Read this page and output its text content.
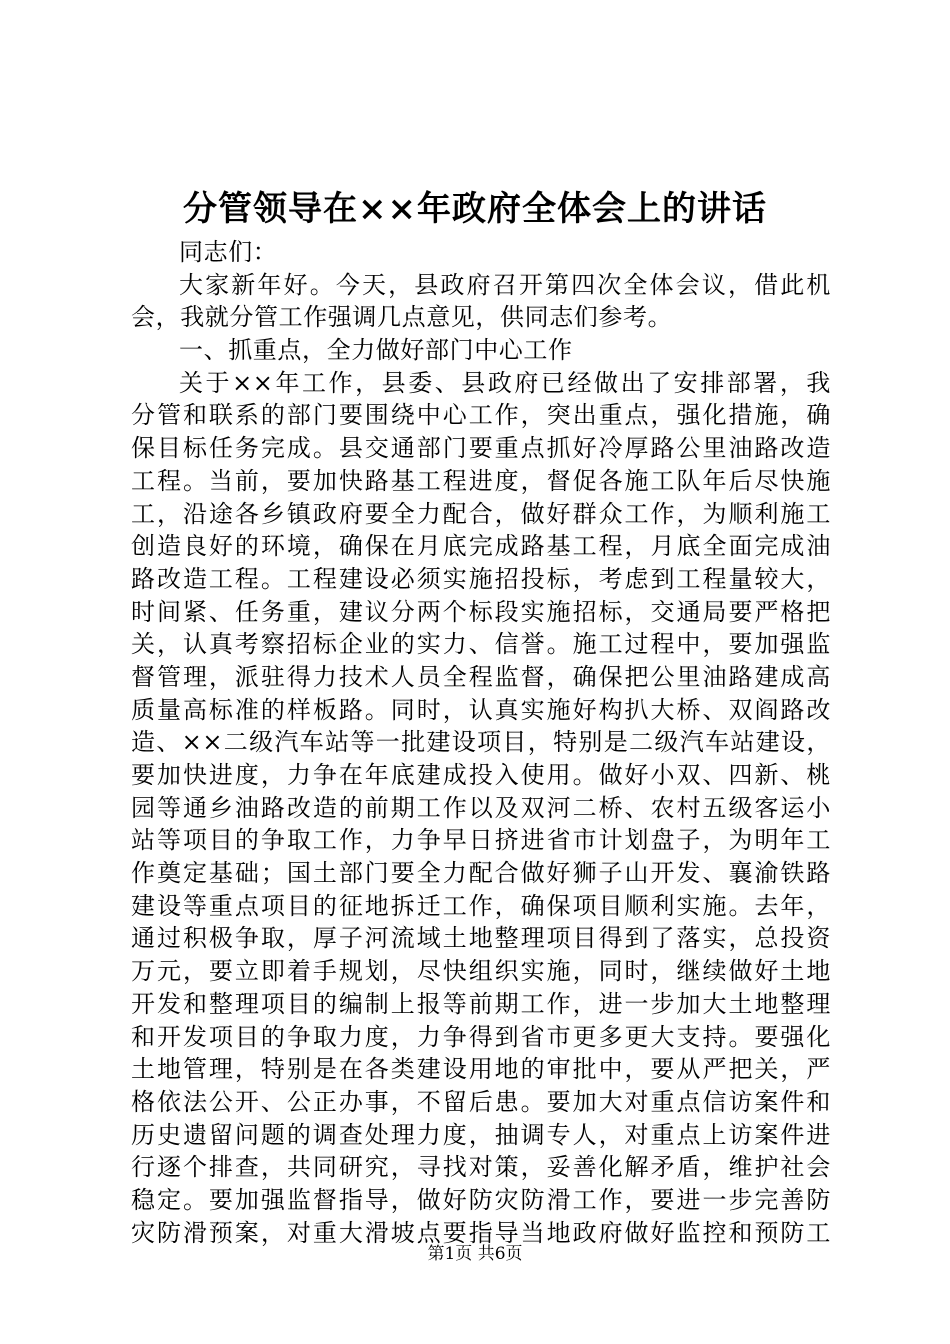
分管领导在××年政府全体会上的讲话
同志们：
大家新年好。今天，县政府召开第四次全体会议，借此机
会，我就分管工作强调几点意见，供同志们参考。
一、抓重点，全力做好部门中心工作
关于××年工作，县委、县政府已经做出了安排部署，我
分管和联系的部门要围绕中心工作，突出重点，强化措施，确
保目标任务完成。县交通部门要重点抓好冷厚路公里油路改造
工程。当前，要加快路基工程进度，督促各施工队年后尽快施
工，沿途各乡镇政府要全力配合，做好群众工作，为顺利施工
创造良好的环境，确保在月底完成路基工程，月底全面完成油
路改造工程。工程建设必须实施招投标，考虑到工程量较大，
时间紧、任务重，建议分两个标段实施招标，交通局要严格把
关，认真考察招标企业的实力、信誉。施工过程中，要加强监
督管理，派驻得力技术人员全程监督，确保把公里油路建成高
质量高标准的样板路。同时，认真实施好构扒大桥、双阎路改
造、××二级汽车站等一批建设项目，特别是二级汽车站建设，
要加快进度，力争在年底建成投入使用。做好小双、四新、桃
园等通乡油路改造的前期工作以及双河二桥、农村五级客运小
站等项目的争取工作，力争早日挤进省市计划盘子，为明年工
作奠定基础；国土部门要全力配合做好狮子山开发、襄渝铁路
建设等重点项目的征地拆迁工作，确保项目顺利实施。去年，
通过积极争取，厚子河流域土地整理项目得到了落实，总投资
万元，要立即着手规划，尽快组织实施，同时，继续做好土地
开发和整理项目的编制上报等前期工作，进一步加大土地整理
和开发项目的争取力度，力争得到省市更多更大支持。要强化
土地管理，特别是在各类建设用地的审批中，要从严把关，严
格依法公开、公正办事，不留后患。要加大对重点信访案件和
历史遗留问题的调查处理力度，抽调专人，对重点上访案件进
行逐个排查，共同研究，寻找对策，妥善化解矛盾，维护社会
稳定。要加强监督指导，做好防灾防滑工作，要进一步完善防
灾防滑预案，对重大滑坡点要指导当地政府做好监控和预防工
第1页 共6页
